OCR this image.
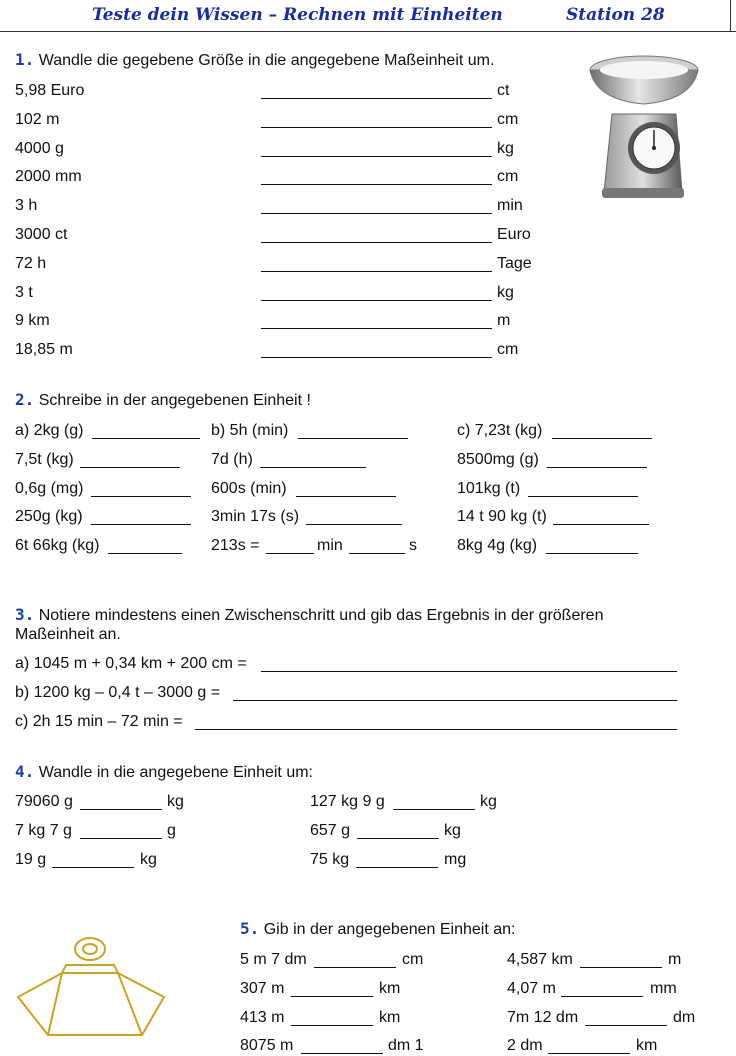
Teste dein Wissen – Rechnen mit Einheiten	Station 28
1. Wandle die gegebene Größe in die angegebene Maßeinheit um.
2. Schreibe in der angegebenen Einheit !
3. Notiere mindestens einen Zwischenschritt und gib das Ergebnis in der größeren
Maßeinheit an.
4. Wandle in die angegebene Einheit um:
5. Gib in der angegebenen Einheit an:
5,98 Euro	ct
102 m	cm
4000 g	kg
2000 mm	cm
3 h	min
3000 ct	Euro
72 h	Tage
3 t	kg
9 km	m
18,85 m	cm
a) 2kg (g)	b) 5h (min)	c) 7,23t (kg)
7,5t (kg)	7d (h)	8500mg (g)
0,6g (mg)	600s (min)	101kg (t)
250g (kg)	3min 17s (s)	14 t 90 kg (t)
6t 66kg (kg)	213s =	min	s	8kg 4g (kg)
a) 1045 m + 0,34 km + 200 cm =
b) 1200 kg – 0,4 t – 3000 g =
c) 2h 15 min – 72 min =
79060 g	kg	127 kg 9 g	kg
7 kg 7 g	g	657 g	kg
19 g	kg	75 kg	mg
5 m 7 dm	cm	4,587 km	m
307 m	km	4,07 m	mm
413 m	km	7m 12 dm	dm
8075 m	dm 1	2 dm	km
